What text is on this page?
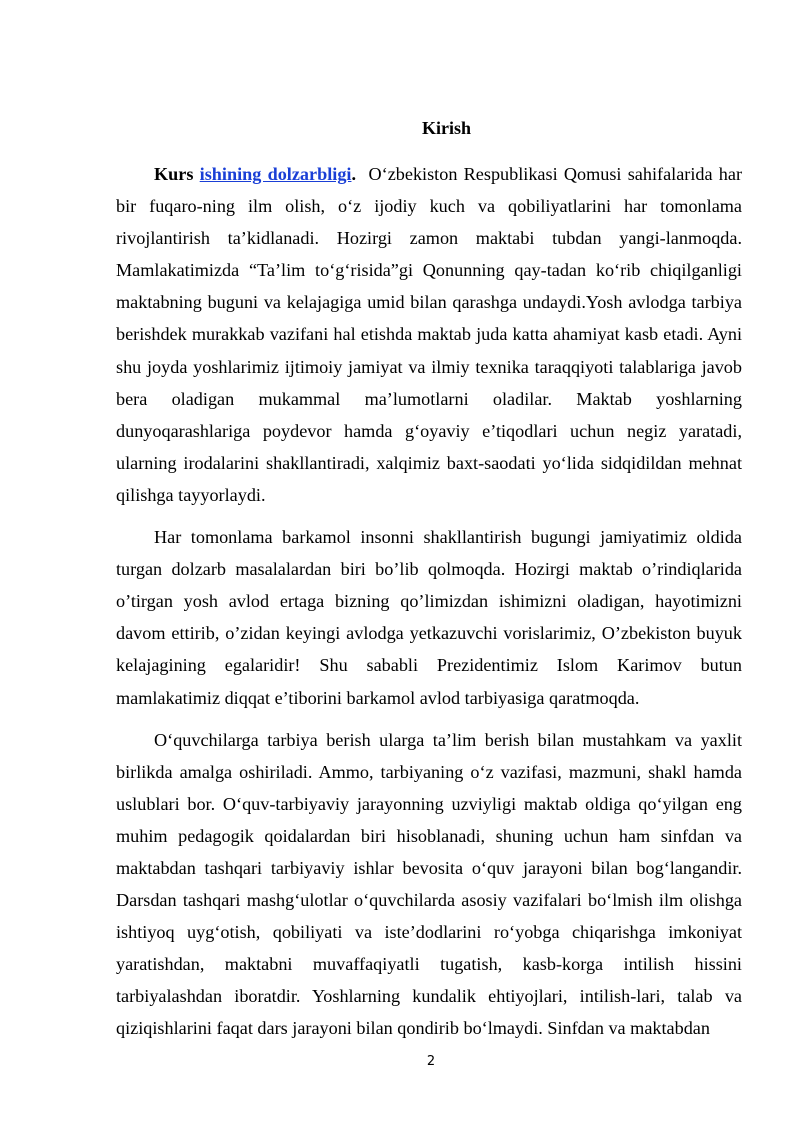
Kirish

Kurs ishining dolzarbligi. O‘zbekiston Respublikasi Qomusi sahifalarida har bir fuqaro-ning ilm olish, o‘z ijodiy kuch va qobiliyatlarini har tomonlama rivojlantirish ta’kidlanadi. Hozirgi zamon maktabi tubdan yangi-lanmoqda. Mamlakatimizda “Ta’lim to‘g‘risida”gi Qonunning qay-tadan ko‘rib chiqilganligi maktabning buguni va kelajagiga umid bilan qarashga undaydi.Yosh avlodga tarbiya berishdek murakkab vazifani hal etishda maktab juda katta ahamiyat kasb etadi. Ayni shu joyda yoshlarimiz ijtimoiy jamiyat va ilmiy texnika taraqqiyoti talablariga javob bera oladigan mukammal ma’lumotlarni oladilar. Maktab yoshlarning dunyoqarashlariga poydevor hamda g‘oyaviy e’tiqodlari uchun negiz yaratadi, ularning irodalarini shakllantiradi, xalqimiz baxt-saodati yo‘lida sidqidildan mehnat qilishga tayyorlaydi.

Har tomonlama barkamol insonni shakllantirish bugungi jamiyatimiz oldida turgan dolzarb masalalardan biri bo’lib qolmoqda. Hozirgi maktab o’rindiqlarida o’tirgan yosh avlod ertaga bizning qo’limizdan ishimizni oladigan, hayotimizni davom ettirib, o’zidan keyingi avlodga yetkazuvchi vorislarimiz, O’zbekiston buyuk kelajagining egalaridir! Shu sababli Prezidentimiz Islom Karimov butun mamlakatimiz diqqat e’tiborini barkamol avlod tarbiyasiga qaratmoqda.

O‘quvchilarga tarbiya berish ularga ta’lim berish bilan mustahkam va yaxlit birlikda amalga oshiriladi. Ammo, tarbiyaning o‘z vazifasi, mazmuni, shakl hamda uslublari bor. O‘quv-tarbiyaviy jarayonning uzviyligi maktab oldiga qo‘yilgan eng muhim pedagogik qoidalardan biri hisoblanadi, shuning uchun ham sinfdan va maktabdan tashqari tarbiyaviy ishlar bevosita o‘quv jarayoni bilan bog‘langandir. Darsdan tashqari mashg‘ulotlar o‘quvchilarda asosiy vazifalari bo‘lmish ilm olishga ishtiyoq uyg‘otish, qobiliyati va iste’dodlarini ro‘yobga chiqarishga imkoniyat yaratishdan, maktabni muvaffaqiyatli tugatish, kasb-korga intilish hissini tarbiyalashdan iboratdir. Yoshlarning kundalik ehtiyojlari, intilish-lari, talab va qiziqishlarini faqat dars jarayoni bilan qondirib bo‘lmaydi. Sinfdan va maktabdan

2
